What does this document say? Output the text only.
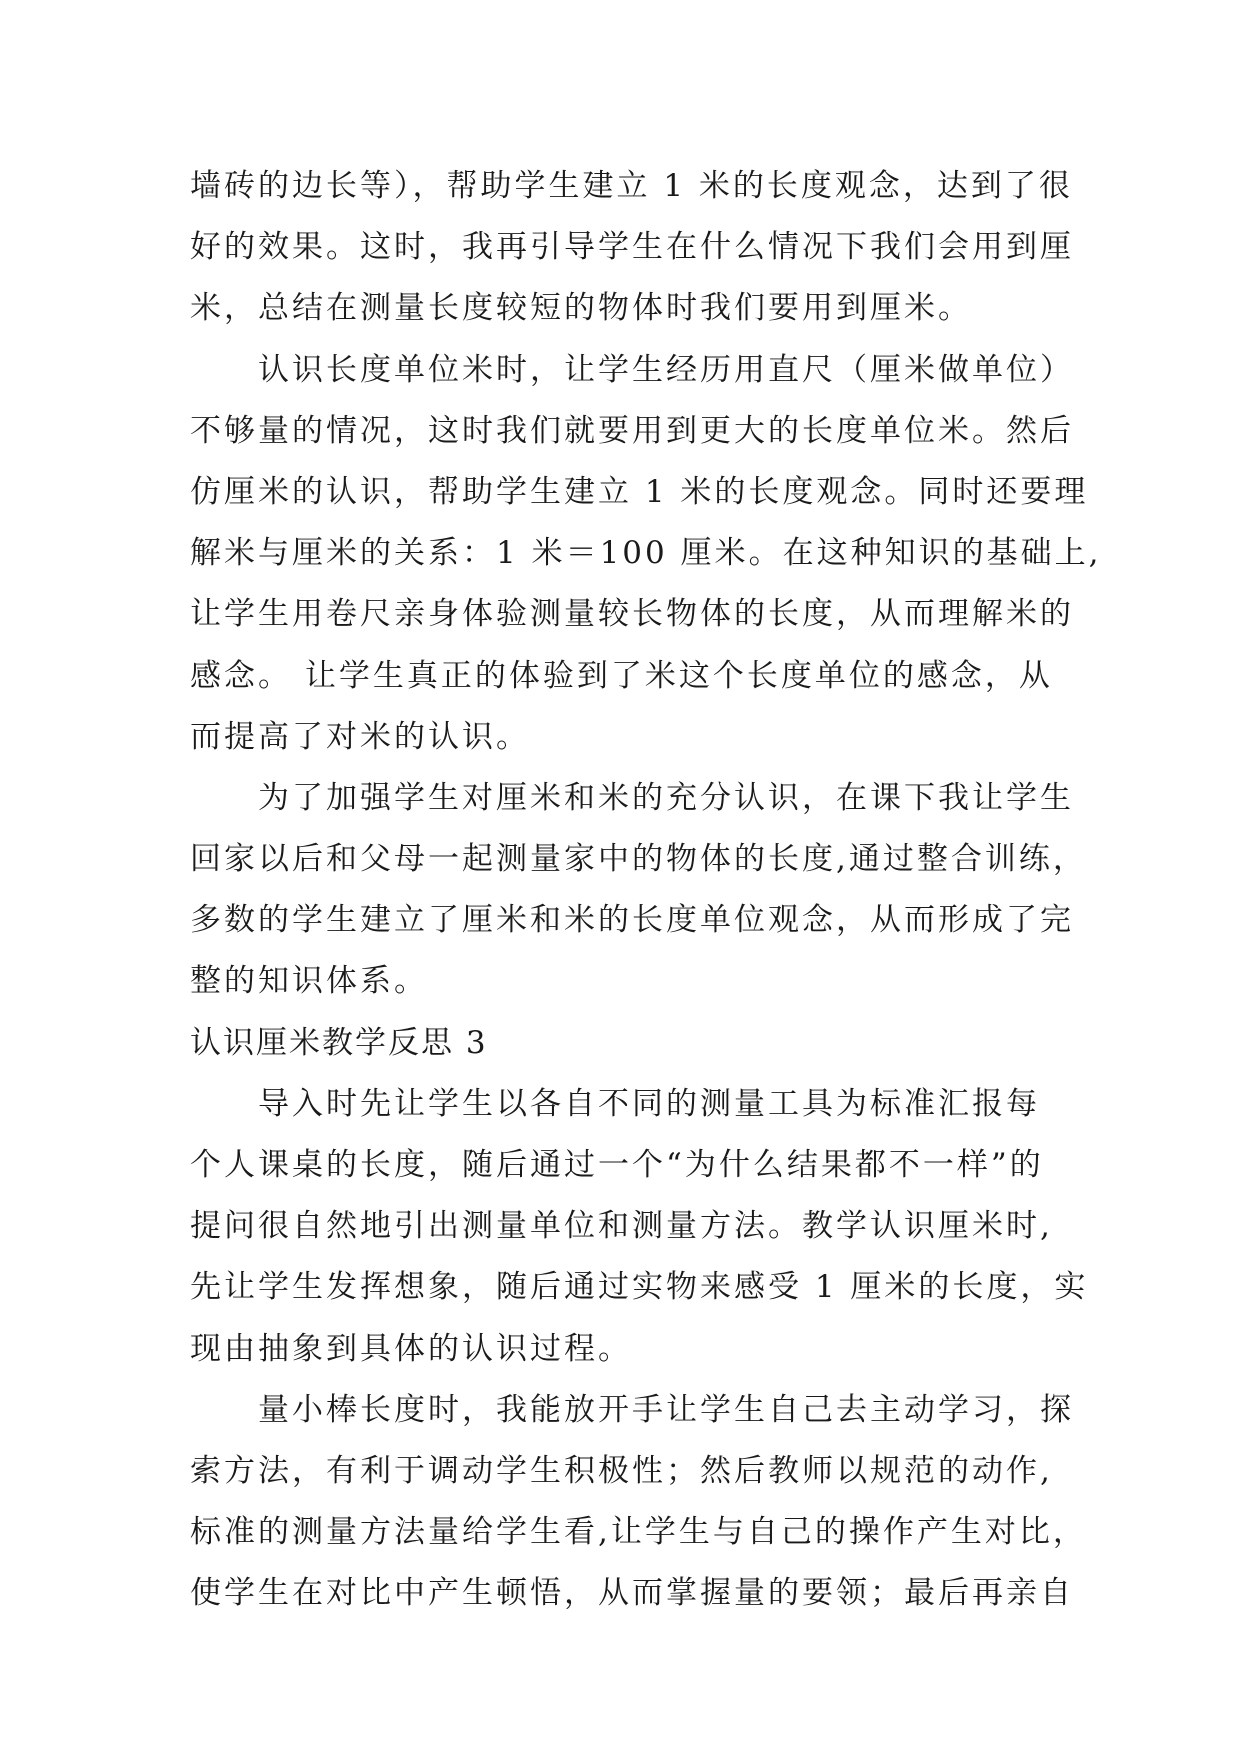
墙砖的边长等），帮助学生建立 1 米的长度观念，达到了很
好的效果。这时，我再引导学生在什么情况下我们会用到厘
米，总结在测量长度较短的物体时我们要用到厘米。
认识长度单位米时，让学生经历用直尺（厘米做单位）
不够量的情况，这时我们就要用到更大的长度单位米。然后
仿厘米的认识，帮助学生建立 1 米的长度观念。同时还要理
解米与厘米的关系：1 米＝100 厘米。在这种知识的基础上,
让学生用卷尺亲身体验测量较长物体的长度，从而理解米的
感念。 让学生真正的体验到了米这个长度单位的感念，从
而提高了对米的认识。
为了加强学生对厘米和米的充分认识，在课下我让学生
回家以后和父母一起测量家中的物体的长度,通过整合训练，
多数的学生建立了厘米和米的长度单位观念，从而形成了完
整的知识体系。
认识厘米教学反思 3
导入时先让学生以各自不同的测量工具为标准汇报每
个人课桌的长度，随后通过一个“为什么结果都不一样”的
提问很自然地引出测量单位和测量方法。教学认识厘米时,
先让学生发挥想象，随后通过实物来感受 1 厘米的长度，实
现由抽象到具体的认识过程。
量小棒长度时，我能放开手让学生自己去主动学习，探
索方法，有利于调动学生积极性；然后教师以规范的动作,
标准的测量方法量给学生看,让学生与自己的操作产生对比，
使学生在对比中产生顿悟，从而掌握量的要领；最后再亲自
